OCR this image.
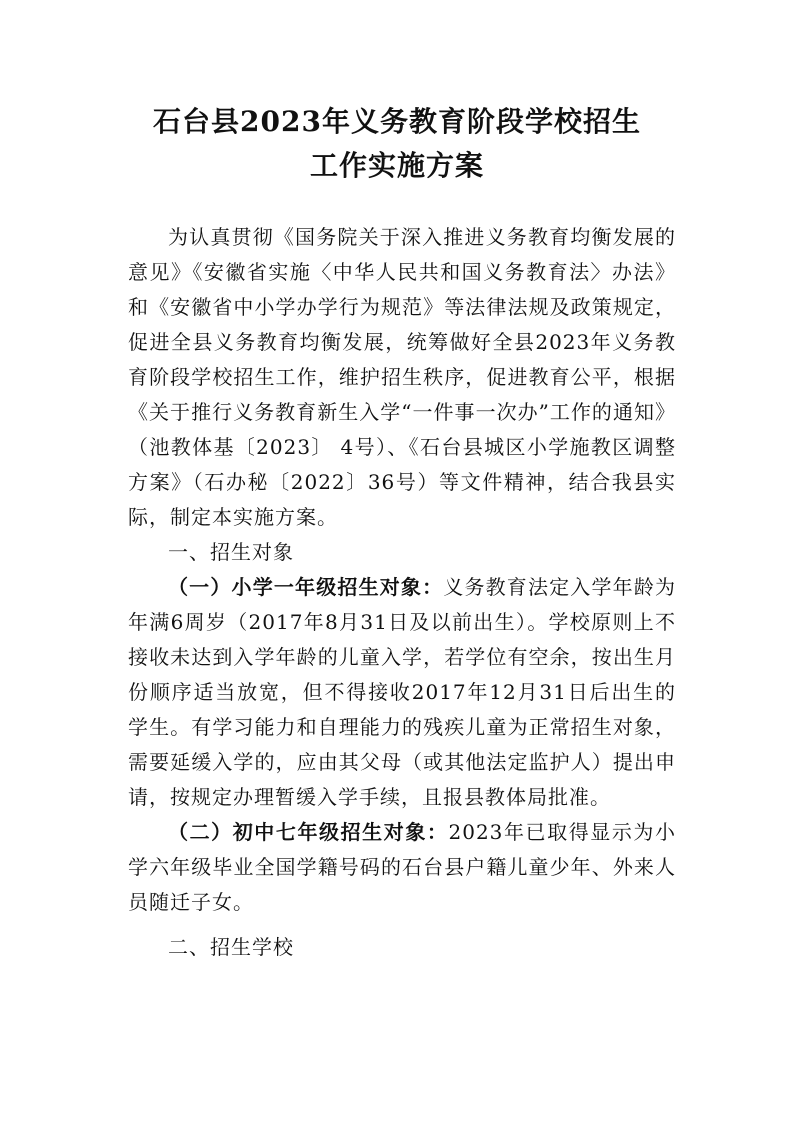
石台县2023年义务教育阶段学校招生
工作实施方案

为认真贯彻《国务院关于深入推进义务教育均衡发展的意见》《安徽省实施〈中华人民共和国义务教育法〉办法》和《安徽省中小学办学行为规范》等法律法规及政策规定，促进全县义务教育均衡发展，统筹做好全县2023年义务教育阶段学校招生工作，维护招生秩序，促进教育公平，根据《关于推行义务教育新生入学“一件事一次办”工作的通知》（池教体基〔2023〕 4号）、《石台县城区小学施教区调整方案》（石办秘〔2022〕36号）等文件精神，结合我县实际，制定本实施方案。

一、招生对象

（一）小学一年级招生对象：义务教育法定入学年龄为年满6周岁（2017年8月31日及以前出生）。学校原则上不接收未达到入学年龄的儿童入学，若学位有空余，按出生月份顺序适当放宽，但不得接收2017年12月31日后出生的学生。有学习能力和自理能力的残疾儿童为正常招生对象，需要延缓入学的，应由其父母（或其他法定监护人）提出申请，按规定办理暂缓入学手续，且报县教体局批准。

（二）初中七年级招生对象：2023年已取得显示为小学六年级毕业全国学籍号码的石台县户籍儿童少年、外来人员随迁子女。

二、招生学校
